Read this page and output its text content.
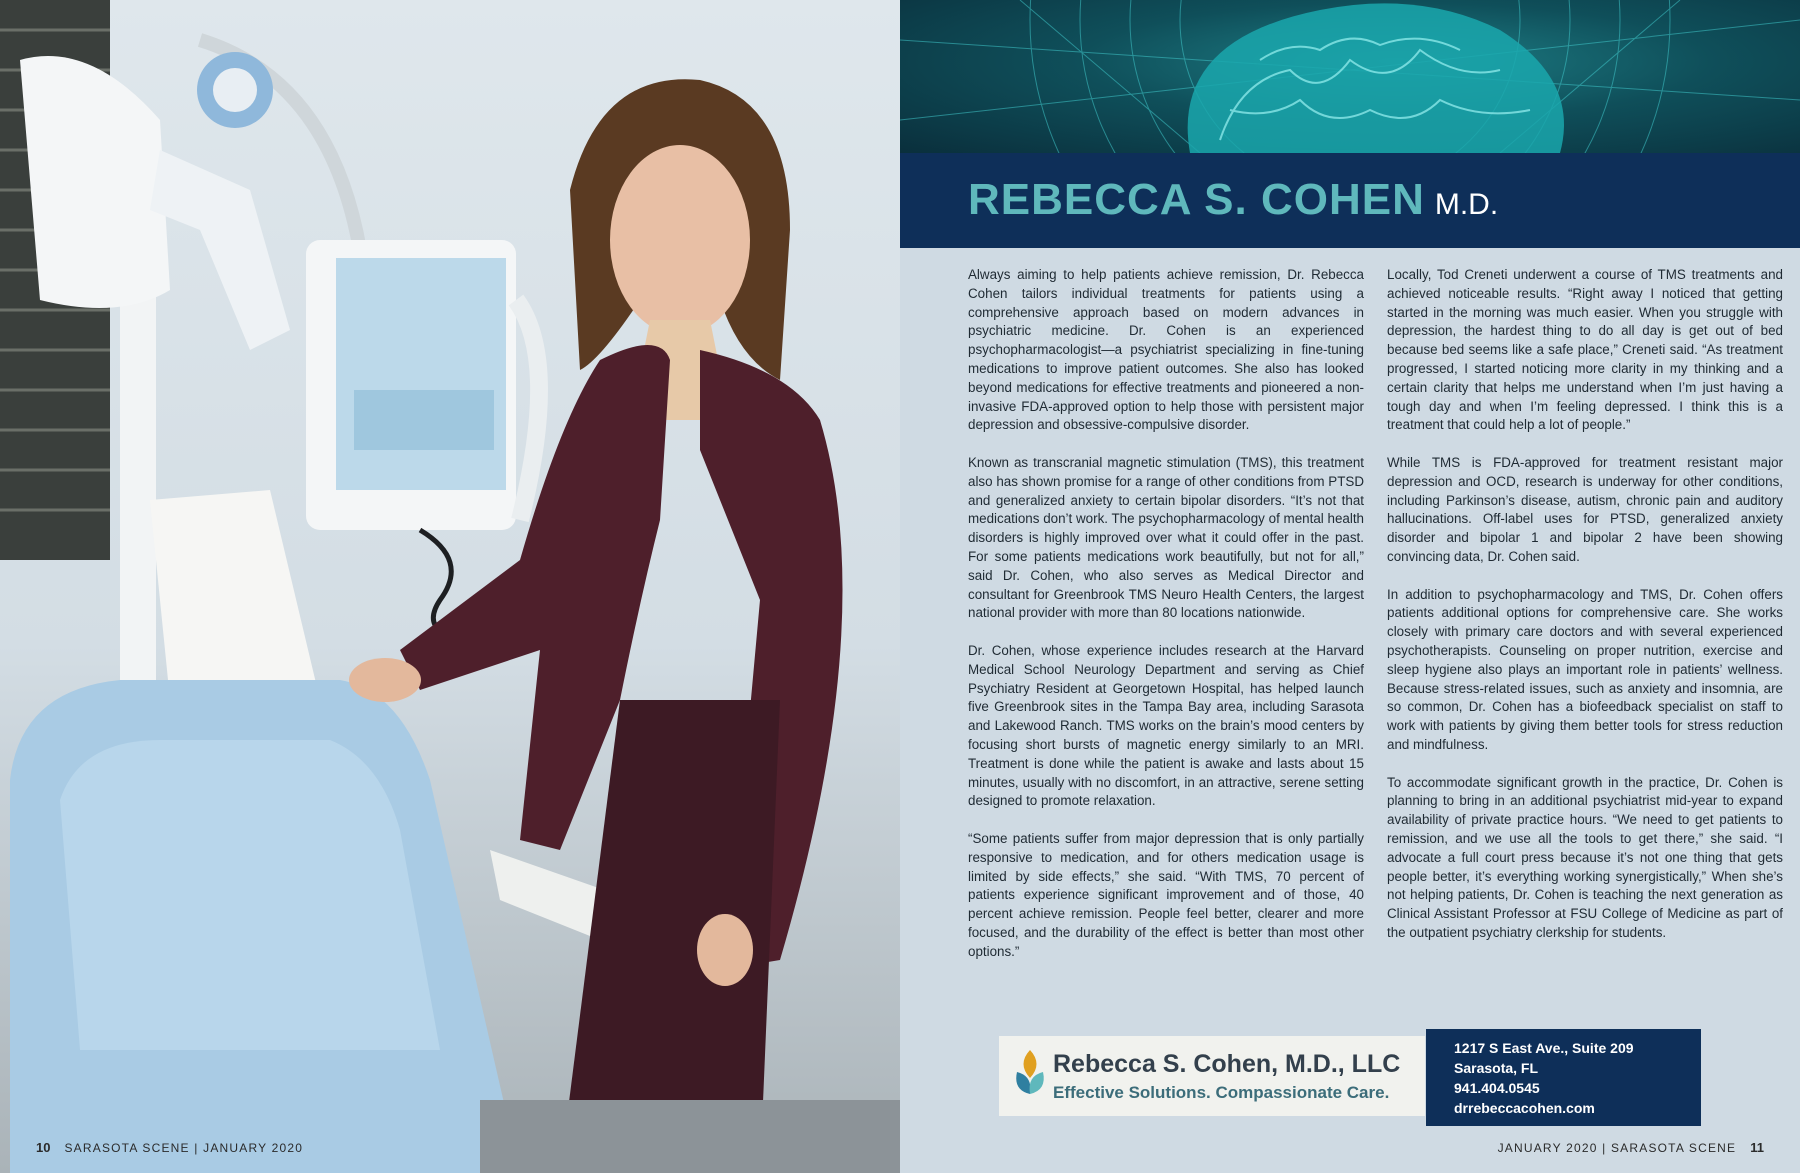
10 SARASOTA SCENE | JANUARY 2020
REBECCA S. COHEN M.D.

Always aiming to help patients achieve remission, Dr. Rebecca Cohen tailors individual treatments for patients using a comprehensive approach based on modern advances in psychiatric medicine. Dr. Cohen is an experienced psychopharmacologist—a psychiatrist specializing in fine-tuning medications to improve patient outcomes. She also has looked beyond medications for effective treatments and pioneered a non-invasive FDA-approved option to help those with persistent major depression and obsessive-compulsive disorder.

Known as transcranial magnetic stimulation (TMS), this treatment also has shown promise for a range of other conditions from PTSD and generalized anxiety to certain bipolar disorders. “It’s not that medications don’t work. The psychopharmacology of mental health disorders is highly improved over what it could offer in the past. For some patients medications work beautifully, but not for all,” said Dr. Cohen, who also serves as Medical Director and consultant for Greenbrook TMS Neuro Health Centers, the largest national provider with more than 80 locations nationwide.

Dr. Cohen, whose experience includes research at the Harvard Medical School Neurology Department and serving as Chief Psychiatry Resident at Georgetown Hospital, has helped launch five Greenbrook sites in the Tampa Bay area, including Sarasota and Lakewood Ranch. TMS works on the brain’s mood centers by focusing short bursts of magnetic energy similarly to an MRI. Treatment is done while the patient is awake and lasts about 15 minutes, usually with no discomfort, in an attractive, serene setting designed to promote relaxation.

“Some patients suffer from major depression that is only partially responsive to medication, and for others medication usage is limited by side effects,” she said. “With TMS, 70 percent of patients experience significant improvement and of those, 40 percent achieve remission. People feel better, clearer and more focused, and the durability of the effect is better than most other options.”

Locally, Tod Creneti underwent a course of TMS treatments and achieved noticeable results. “Right away I noticed that getting started in the morning was much easier. When you struggle with depression, the hardest thing to do all day is get out of bed because bed seems like a safe place,” Creneti said. “As treatment progressed, I started noticing more clarity in my thinking and a certain clarity that helps me understand when I’m just having a tough day and when I’m feeling depressed. I think this is a treatment that could help a lot of people.”

While TMS is FDA-approved for treatment resistant major depression and OCD, research is underway for other conditions, including Parkinson’s disease, autism, chronic pain and auditory hallucinations. Off-label uses for PTSD, generalized anxiety disorder and bipolar 1 and bipolar 2 have been showing convincing data, Dr. Cohen said.

In addition to psychopharmacology and TMS, Dr. Cohen offers patients additional options for comprehensive care. She works closely with primary care doctors and with several experienced psychotherapists. Counseling on proper nutrition, exercise and sleep hygiene also plays an important role in patients’ wellness. Because stress-related issues, such as anxiety and insomnia, are so common, Dr. Cohen has a biofeedback specialist on staff to work with patients by giving them better tools for stress reduction and mindfulness.

To accommodate significant growth in the practice, Dr. Cohen is planning to bring in an additional psychiatrist mid-year to expand availability of private practice hours. “We need to get patients to remission, and we use all the tools to get there,” she said. “I advocate a full court press because it’s not one thing that gets people better, it’s everything working synergistically,” When she’s not helping patients, Dr. Cohen is teaching the next generation as Clinical Assistant Professor at FSU College of Medicine as part of the outpatient psychiatry clerkship for students.

Rebecca S. Cohen, M.D., LLC
Effective Solutions. Compassionate Care.
1217 S East Ave., Suite 209
Sarasota, FL
941.404.0545
drrebeccacohen.com
JANUARY 2020 | SARASOTA SCENE 11
